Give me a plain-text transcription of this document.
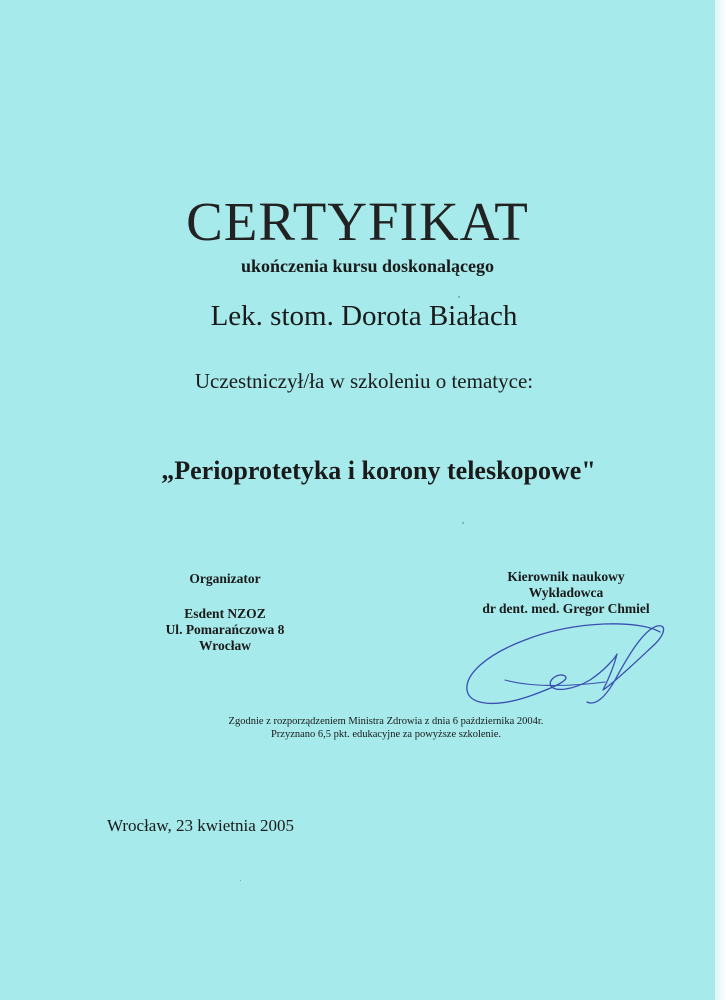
CERTYFIKAT
ukończenia kursu doskonalącego
Lek. stom. Dorota Białach
Uczestniczył/ła w szkoleniu o tematyce:
„Perioprotetyka i korony teleskopowe"
Organizator
Esdent NZOZ
Ul. Pomarańczowa 8
Wrocław
Kierownik naukowy
Wykładowca
dr dent. med. Gregor Chmiel
Zgodnie z rozporządzeniem Ministra Zdrowia z dnia 6 października 2004r.
Przyznano 6,5 pkt. edukacyjne za powyższe szkolenie.
Wrocław, 23 kwietnia 2005
